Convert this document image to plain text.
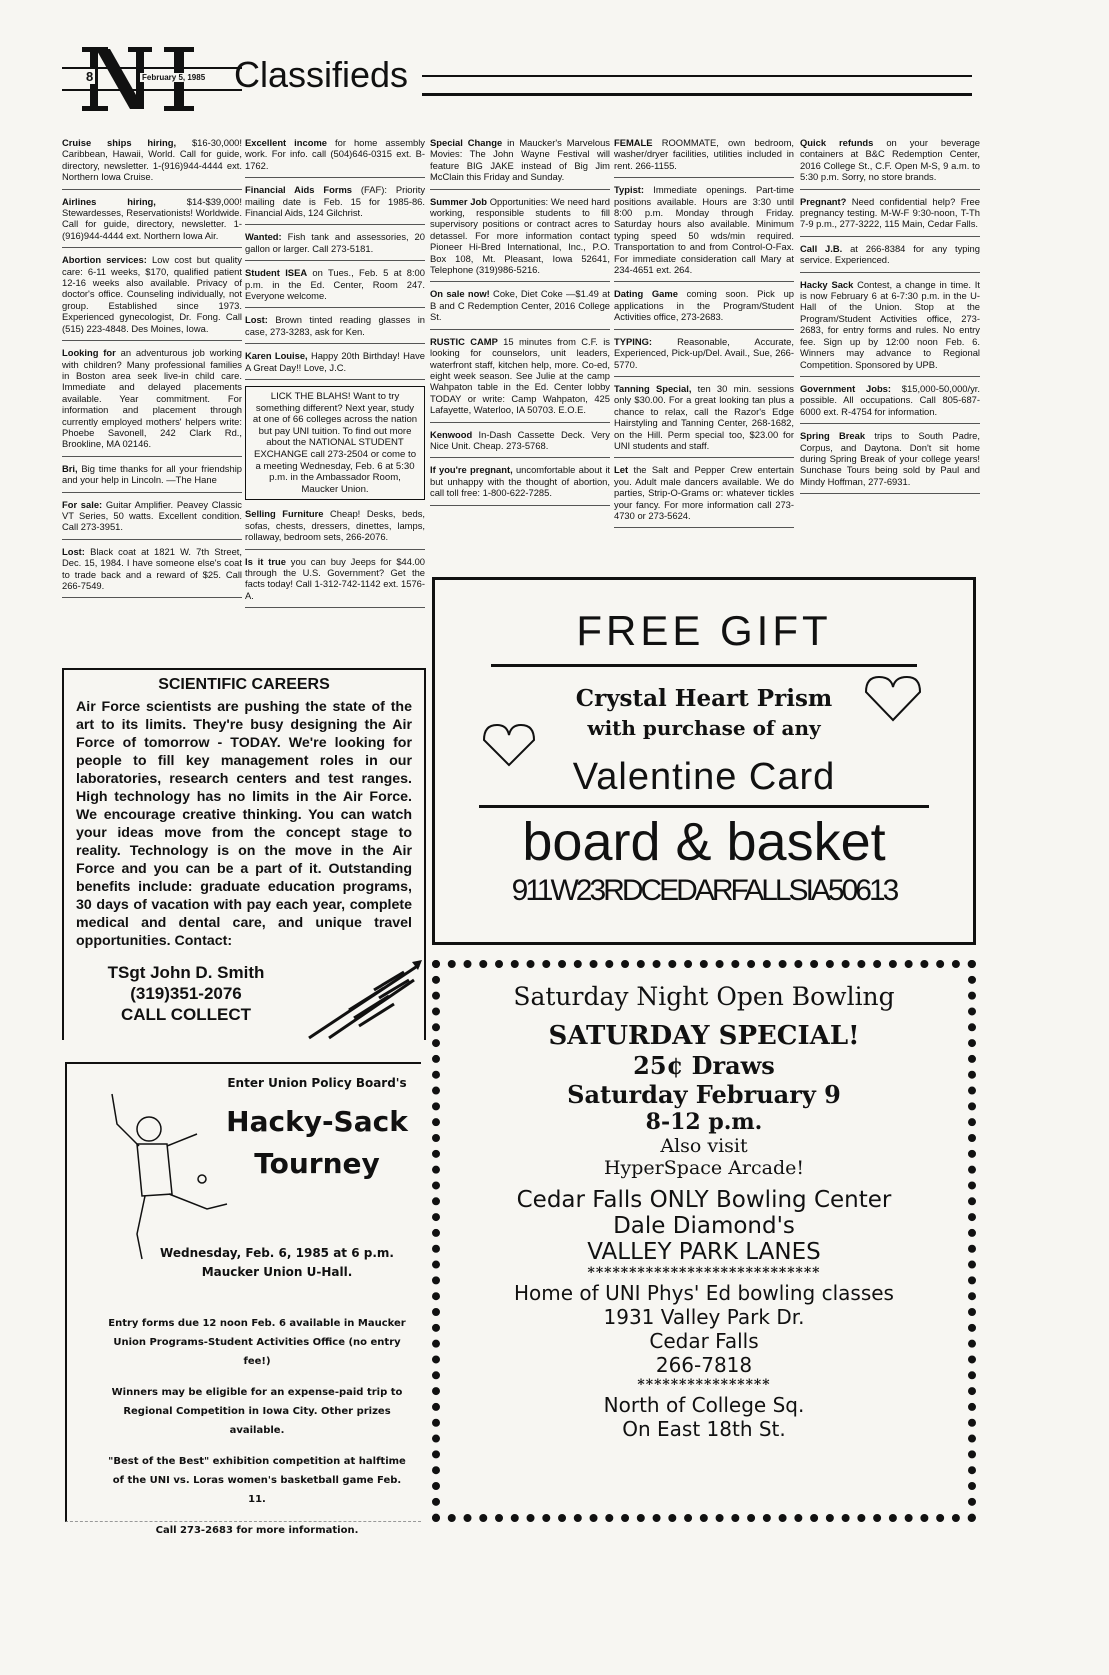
8	February 5, 1985 Classifieds
Cruise ships hiring, $16-30,000! Caribbean, Hawaii, World. Call for guide, directory, newsletter. 1-(916)944-4444 ext. Northern Iowa Cruise.
Airlines hiring, $14-$39,000! Stewardesses, Reservationists! Worldwide. Call for guide, directory, newsletter. 1-(916)944-4444 ext. Northern Iowa Air.
Abortion services: Low cost but quality care: 6-11 weeks, $170, qualified patient 12-16 weeks also available. Privacy of doctor's office. Counseling individually, not group. Established since 1973. Experienced gynecologist, Dr. Fong. Call (515) 223-4848. Des Moines, Iowa.
Looking for an adventurous job working with children? Many professional families in Boston area seek live-in child care. Immediate and delayed placements available. Year commitment. For information and placement through currently employed mothers' helpers write: Phoebe Savonell, 242 Clark Rd., Brookline, MA 02146.
Bri, Big time thanks for all your friendship and your help in Lincoln. —The Hane
For sale: Guitar Amplifier. Peavey Classic VT Series, 50 watts. Excellent condition. Call 273-3951.
Lost: Black coat at 1821 W. 7th Street, Dec. 15, 1984. I have someone else's coat to trade back and a reward of $25. Call 266-7549.
Excellent income for home assembly work. For info. call (504)646-0315 ext. B-1762.
Financial Aids Forms (FAF): Priority mailing date is Feb. 15 for 1985-86. Financial Aids, 124 Gilchrist.
Wanted: Fish tank and assessories, 20 gallon or larger. Call 273-5181.
Student ISEA on Tues., Feb. 5 at 8:00 p.m. in the Ed. Center, Room 247. Everyone welcome.
Lost: Brown tinted reading glasses in case, 273-3283, ask for Ken.
Karen Louise, Happy 20th Birthday! Have A Great Day!! Love, J.C.
LICK THE BLAHS! Want to try something different? Next year, study at one of 66 colleges across the nation but pay UNI tuition. To find out more about the NATIONAL STUDENT EXCHANGE call 273-2504 or come to a meeting Wednesday, Feb. 6 at 5:30 p.m. in the Ambassador Room, Maucker Union.
Selling Furniture Cheap! Desks, beds, sofas, chests, dressers, dinettes, lamps, rollaway, bedroom sets, 266-2076.
Is it true you can buy Jeeps for $44.00 through the U.S. Government? Get the facts today! Call 1-312-742-1142 ext. 1576-A.
Special Change in Maucker's Marvelous Movies: The John Wayne Festival will feature BIG JAKE instead of Big Jim McClain this Friday and Sunday.
Summer Job Opportunities: We need hard working, responsible students to fill supervisory positions or contract acres to detassel. For more information contact Pioneer Hi-Bred International, Inc., P.O. Box 108, Mt. Pleasant, Iowa 52641, Telephone (319)986-5216.
On sale now! Coke, Diet Coke —$1.49 at B and C Redemption Center, 2016 College St.
RUSTIC CAMP 15 minutes from C.F. is looking for counselors, unit leaders, waterfront staff, kitchen help, more. Co-ed, eight week season. See Julie at the camp Wahpaton table in the Ed. Center lobby TODAY or write: Camp Wahpaton, 425 Lafayette, Waterloo, IA 50703. E.O.E.
Kenwood In-Dash Cassette Deck. Very Nice Unit. Cheap. 273-5768.
If you're pregnant, uncomfortable about it but unhappy with the thought of abortion, call toll free: 1-800-622-7285.
FEMALE ROOMMATE, own bedroom, washer/dryer facilities, utilities included in rent. 266-1155.
Typist: Immediate openings. Part-time positions available. Hours are 3:30 until 8:00 p.m. Monday through Friday. Saturday hours also available. Minimum typing speed 50 wds/min required. Transportation to and from Control-O-Fax. For immediate consideration call Mary at 234-4651 ext. 264.
Dating Game coming soon. Pick up applications in the Program/Student Activities office, 273-2683.
TYPING: Reasonable, Accurate, Experienced, Pick-up/Del. Avail., Sue, 266-5770.
Tanning Special, ten 30 min. sessions only $30.00. For a great looking tan plus a chance to relax, call the Razor's Edge Hairstyling and Tanning Center, 268-1682, on the Hill. Perm special too, $23.00 for UNI students and staff.
Let the Salt and Pepper Crew entertain you. Adult male dancers available. We do parties, Strip-O-Grams or: whatever tickles your fancy. For more information call 273-4730 or 273-5624.
Quick refunds on your beverage containers at B&C Redemption Center, 2016 College St., C.F. Open M-S, 9 a.m. to 5:30 p.m. Sorry, no store brands.
Pregnant? Need confidential help? Free pregnancy testing. M-W-F 9:30-noon, T-Th 7-9 p.m., 277-3222, 115 Main, Cedar Falls.
Call J.B. at 266-8384 for any typing service. Experienced.
Hacky Sack Contest, a change in time. It is now February 6 at 6-7:30 p.m. in the U-Hall of the Union. Stop at the Program/Student Activities office, 273-2683, for entry forms and rules. No entry fee. Sign up by 12:00 noon Feb. 6. Winners may advance to Regional Competition. Sponsored by UPB.
Government Jobs: $15,000-50,000/yr. possible. All occupations. Call 805-687-6000 ext. R-4754 for information.
Spring Break trips to South Padre, Corpus, and Daytona. Don't sit home during Spring Break of your college years! Sunchase Tours being sold by Paul and Mindy Hoffman, 277-6931.
SCIENTIFIC CAREERS

Air Force scientists are pushing the state of the art to its limits. They're busy designing the Air Force of tomorrow - TODAY. We're looking for people to fill key management roles in our laboratories, research centers and test ranges. High technology has no limits in the Air Force. We encourage creative thinking. You can watch your ideas move from the concept stage to reality. Technology is on the move in the Air Force and you can be a part of it. Outstanding benefits include: graduate education programs, 30 days of vacation with pay each year, complete medical and dental care, and unique travel opportunities. Contact:

TSgt John D. Smith
(319)351-2076
CALL COLLECT
Enter Union Policy Board's
Hacky-Sack
Tourney
Wednesday, Feb. 6, 1985 at 6 p.m.
Maucker Union U-Hall.
Entry forms due 12 noon Feb. 6 available in Maucker Union Programs-Student Activities Office (no entry fee!)
Winners may be eligible for an expense-paid trip to Regional Competition in Iowa City. Other prizes available.
"Best of the Best" exhibition competition at halftime of the UNI vs. Loras women's basketball game Feb. 11.
Call 273-2683 for more information.
FREE GIFT
Crystal Heart Prism
with purchase of any
Valentine Card
board & basket
911W23RDCEDARFALLSIA50613
Saturday Night Open Bowling
SATURDAY SPECIAL!
25¢ Draws
Saturday February 9
8-12 p.m.
Also visit
HyperSpace Arcade!
Cedar Falls ONLY Bowling Center
Dale Diamond's
VALLEY PARK LANES
****************************
Home of UNI Phys' Ed bowling classes
1931 Valley Park Dr.
Cedar Falls
266-7818
****************
North of College Sq.
On East 18th St.
